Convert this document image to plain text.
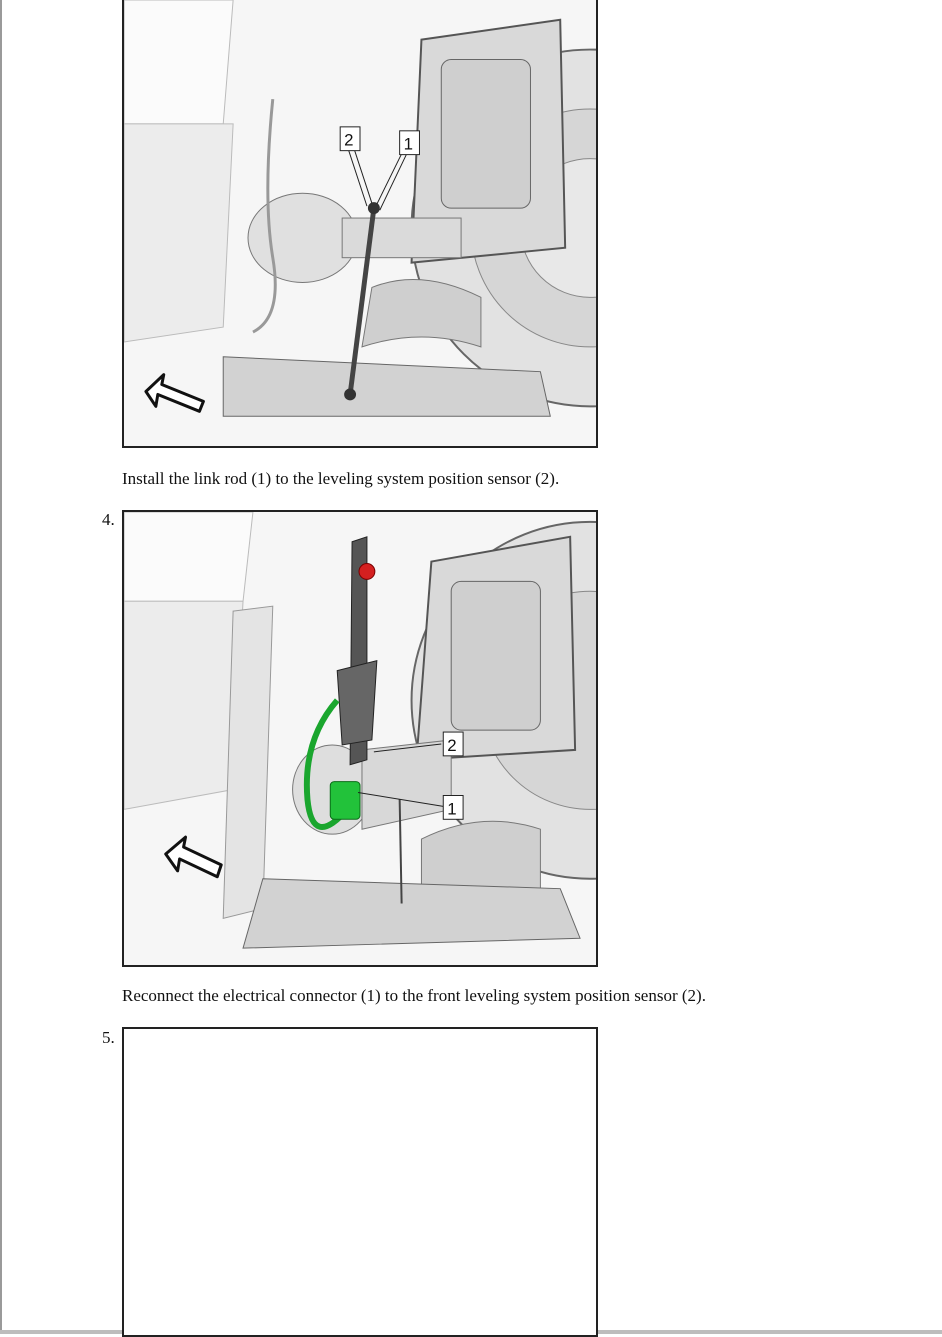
2	1
Install the link rod (1) to the leveling system position sensor (2).
4.
2
1
Reconnect the electrical connector (1) to the front leveling system position sensor (2).
5.
